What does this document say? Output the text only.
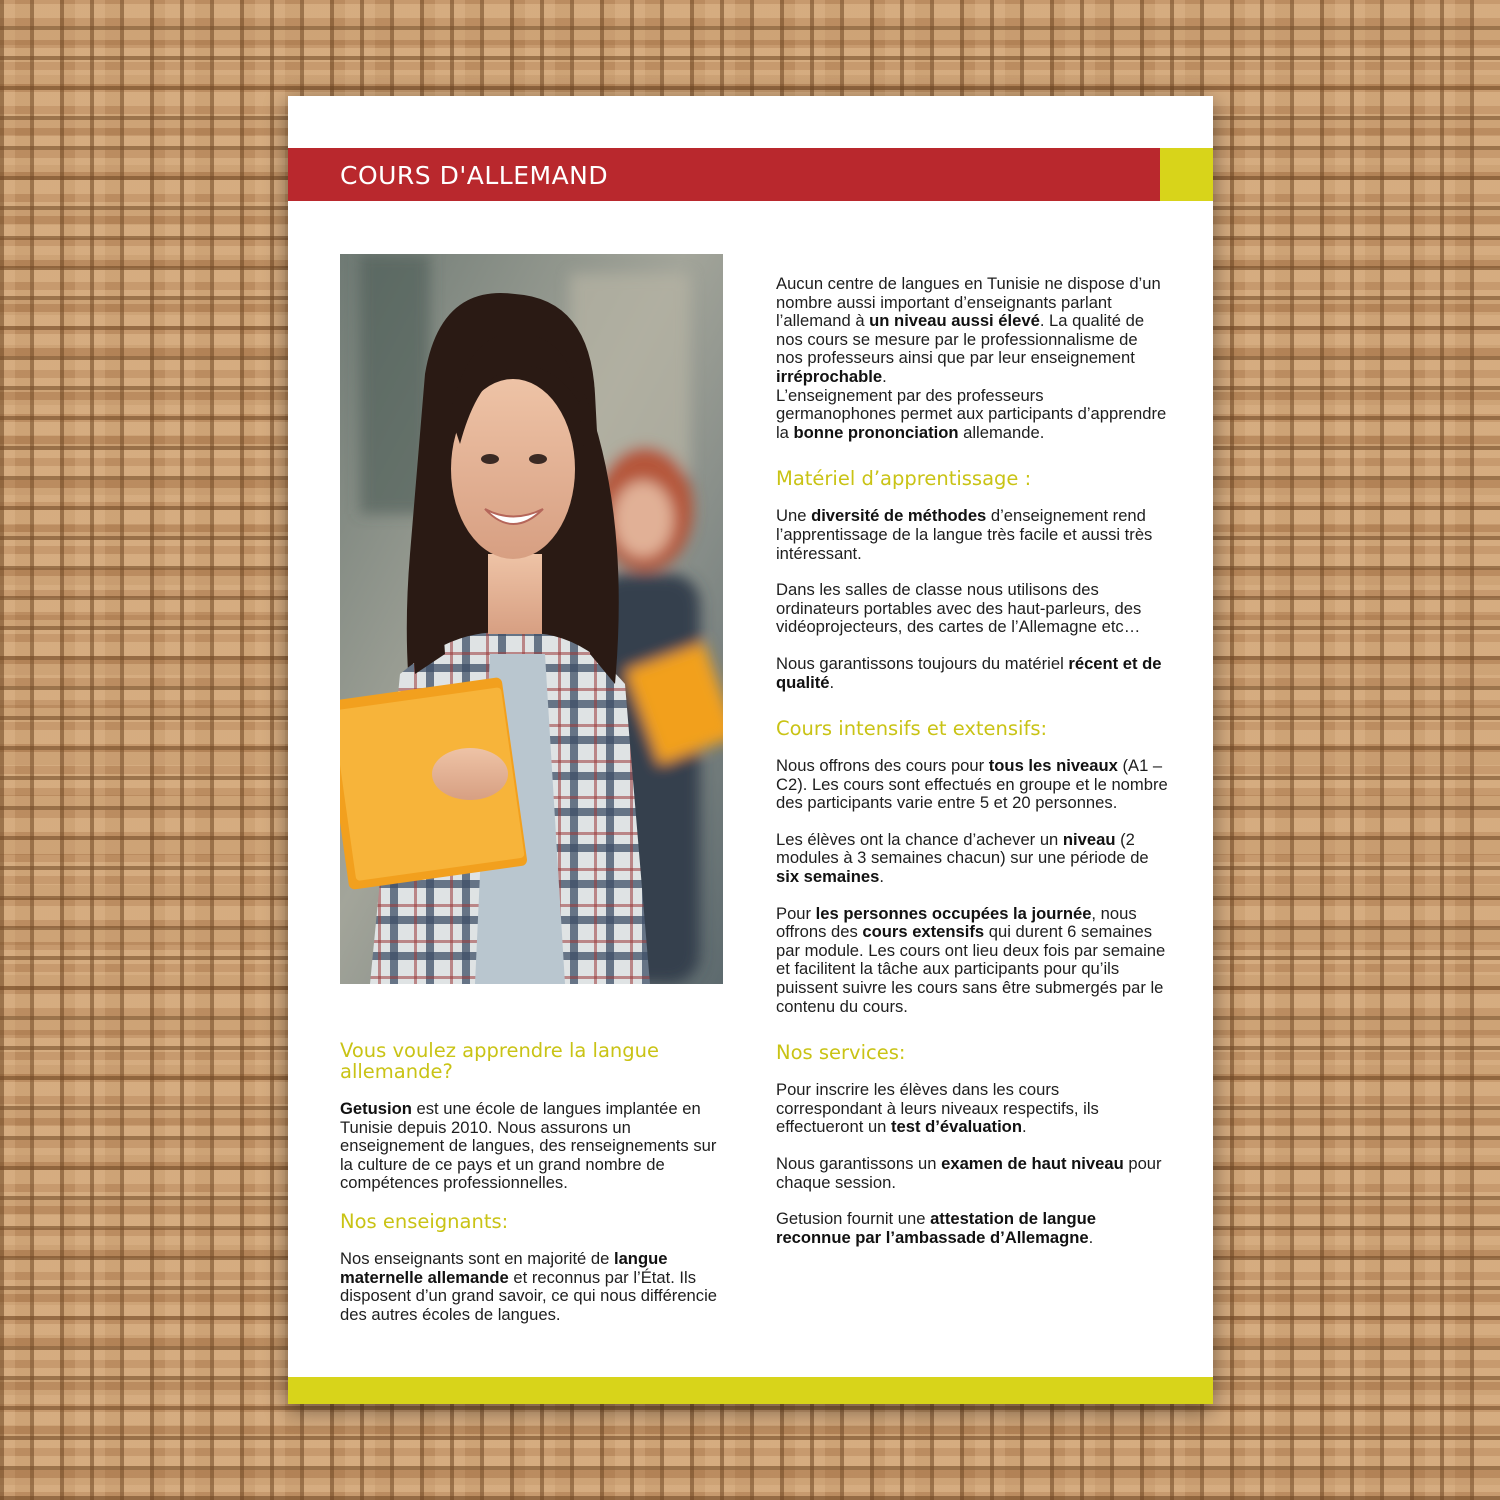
COURS D'ALLEMAND
Vous voulez apprendre la langue allemande?

Getusion est une école de langues implantée en Tunisie depuis 2010. Nous assurons un enseignement de langues, des renseignements sur la culture de ce pays et un grand nombre de compétences professionnelles.

Nos enseignants:

Nos enseignants sont en majorité de langue maternelle allemande et reconnus par l’État. Ils disposent d’un grand savoir, ce qui nous différencie des autres écoles de langues.

Aucun centre de langues en Tunisie ne dispose d’un nombre aussi important d’enseignants parlant l’allemand à un niveau aussi élevé. La qualité de nos cours se mesure par le professionnalisme de nos professeurs ainsi que par leur enseignement irréprochable.
L’enseignement par des professeurs germanophones permet aux participants d’apprendre la bonne prononciation allemande.

Matériel d’apprentissage :

Une diversité de méthodes d’enseignement rend l’apprentissage de la langue très facile et aussi très intéressant.

Dans les salles de classe nous utilisons des ordinateurs portables avec des haut-parleurs, des vidéoprojecteurs, des cartes de l’Allemagne etc…

Nous garantissons toujours du matériel récent et de qualité.

Cours intensifs et extensifs:

Nous offrons des cours pour tous les niveaux (A1 – C2). Les cours sont effectués en groupe et le nombre des participants varie entre 5 et 20 personnes.

Les élèves ont la chance d’achever un niveau (2 modules à 3 semaines chacun) sur une période de six semaines.

Pour les personnes occupées la journée, nous offrons des cours extensifs qui durent 6 semaines par module. Les cours ont lieu deux fois par semaine et facilitent la tâche aux participants pour qu’ils puissent suivre les cours sans être submergés par le contenu du cours.

Nos services:

Pour inscrire les élèves dans les cours correspondant à leurs niveaux respectifs, ils effectueront un test d’évaluation.

Nous garantissons un examen de haut niveau pour chaque session.

Getusion fournit une attestation de langue reconnue par l’ambassade d’Allemagne.
